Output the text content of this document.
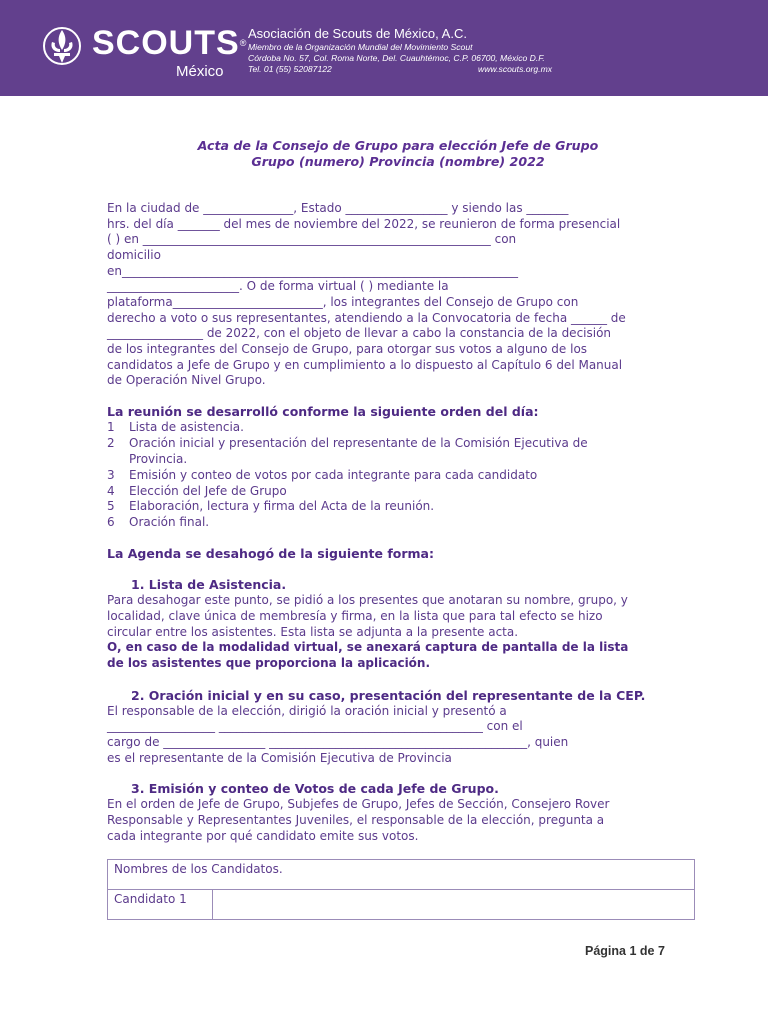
SCOUTS®
México
Asociación de Scouts de México, A.C.
Miembro de la Organización Mundial del Movimiento Scout
Córdoba No. 57, Col. Roma Norte, Del. Cuauhtémoc, C.P. 06700, México D.F.
Tel. 01 (55) 52087122	www.scouts.org.mx
Acta de la Consejo de Grupo para elección Jefe de Grupo
Grupo (numero) Provincia (nombre) 2022
En la ciudad de _______________, Estado _________________ y siendo las _______
hrs. del día _______ del mes de noviembre del 2022, se reunieron de forma presencial
( ) en __________________________________________________________ con
domicilio
en__________________________________________________________________
______________________. O de forma virtual ( ) mediante la
plataforma_________________________, los integrantes del Consejo de Grupo con
derecho a voto o sus representantes, atendiendo a la Convocatoria de fecha ______ de
________________ de 2022, con el objeto de llevar a cabo la constancia de la decisión
de los integrantes del Consejo de Grupo, para otorgar sus votos a alguno de los
candidatos a Jefe de Grupo y en cumplimiento a lo dispuesto al Capítulo 6 del Manual
de Operación Nivel Grupo.
La reunión se desarrolló conforme la siguiente orden del día:
1 Lista de asistencia.
2 Oración inicial y presentación del representante de la Comisión Ejecutiva de
Provincia.
3 Emisión y conteo de votos por cada integrante para cada candidato
4 Elección del Jefe de Grupo
5 Elaboración, lectura y firma del Acta de la reunión.
6 Oración final.
La Agenda se desahogó de la siguiente forma:
1. Lista de Asistencia.
Para desahogar este punto, se pidió a los presentes que anotaran su nombre, grupo, y
localidad, clave única de membresía y firma, en la lista que para tal efecto se hizo
circular entre los asistentes. Esta lista se adjunta a la presente acta.
O, en caso de la modalidad virtual, se anexará captura de pantalla de la lista
de los asistentes que proporciona la aplicación.
2. Oración inicial y en su caso, presentación del representante de la CEP.
El responsable de la elección, dirigió la oración inicial y presentó a
__________________ ____________________________________________ con el
cargo de _________________ ___________________________________________, quien
es el representante de la Comisión Ejecutiva de Provincia
3. Emisión y conteo de Votos de cada Jefe de Grupo.
En el orden de Jefe de Grupo, Subjefes de Grupo, Jefes de Sección, Consejero Rover
Responsable y Representantes Juveniles, el responsable de la elección, pregunta a
cada integrante por qué candidato emite sus votos.
Nombres de los Candidatos.
Candidato 1	
Página 1 de 7
